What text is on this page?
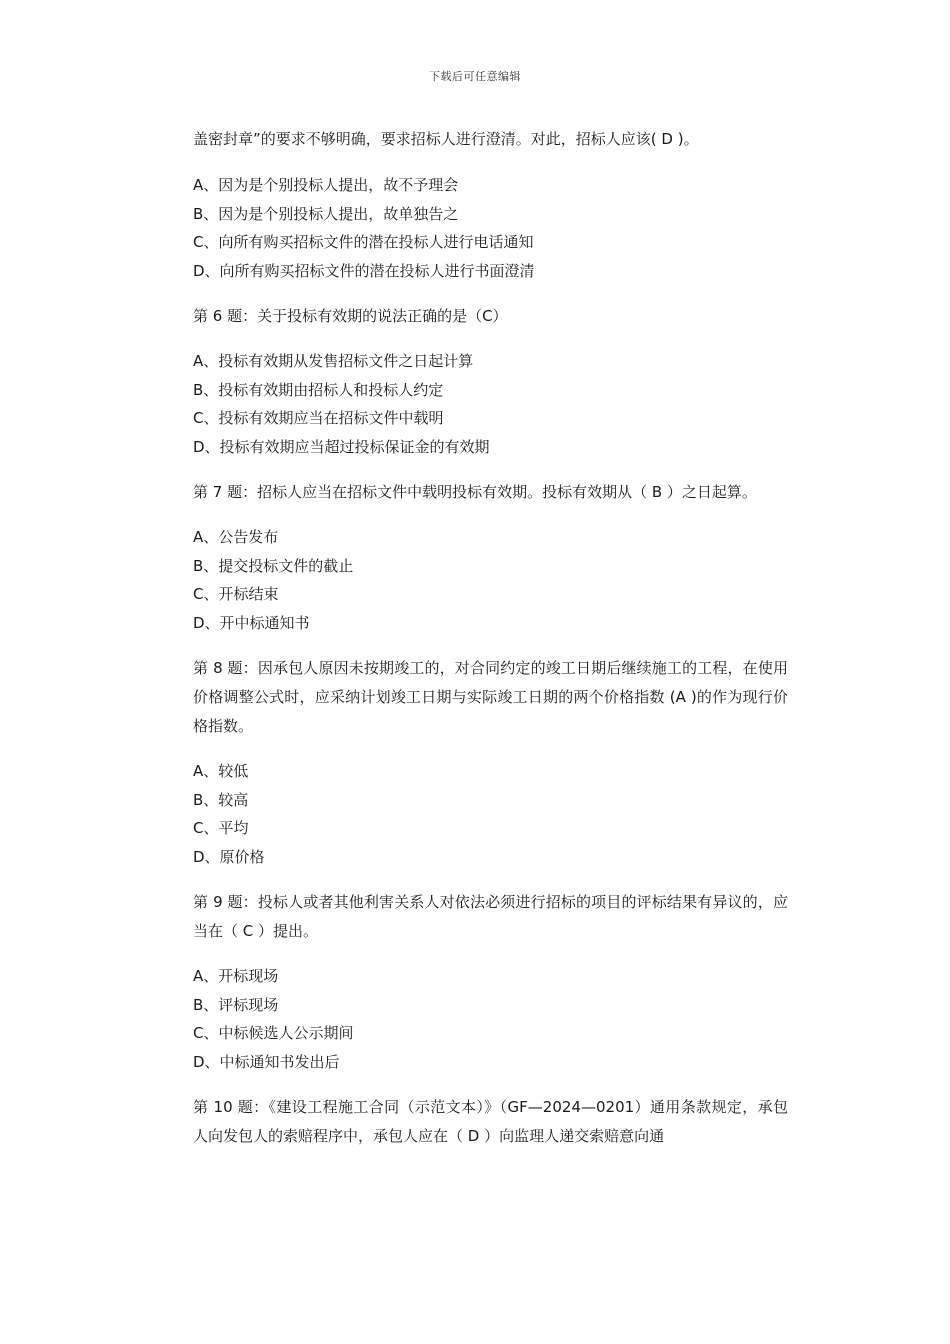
下载后可任意编辑

盖密封章”的要求不够明确，要求招标人进行澄清。对此，招标人应该( D )。

A、因为是个别投标人提出，故不予理会
B、因为是个别投标人提出，故单独告之
C、向所有购买招标文件的潜在投标人进行电话通知
D、向所有购买招标文件的潜在投标人进行书面澄清

第 6 题：关于投标有效期的说法正确的是（C）

A、投标有效期从发售招标文件之日起计算
B、投标有效期由招标人和投标人约定
C、投标有效期应当在招标文件中载明
D、投标有效期应当超过投标保证金的有效期

第 7 题：招标人应当在招标文件中载明投标有效期。投标有效期从（ B ）之日起算。

A、公告发布
B、提交投标文件的截止
C、开标结束
D、开中标通知书

第 8 题：因承包人原因未按期竣工的，对合同约定的竣工日期后继续施工的工程，在使用价格调整公式时，应采纳计划竣工日期与实际竣工日期的两个价格指数 (A )的作为现行价格指数。

A、较低
B、较高
C、平均
D、原价格

第 9 题：投标人或者其他利害关系人对依法必须进行招标的项目的评标结果有异议的，应当在（ C ）提出。

A、开标现场
B、评标现场
C、中标候选人公示期间
D、中标通知书发出后

第 10 题：《建设工程施工合同（示范文本）》（GF—2024—0201）通用条款规定，承包人向发包人的索赔程序中，承包人应在（ D ）向监理人递交索赔意向通
